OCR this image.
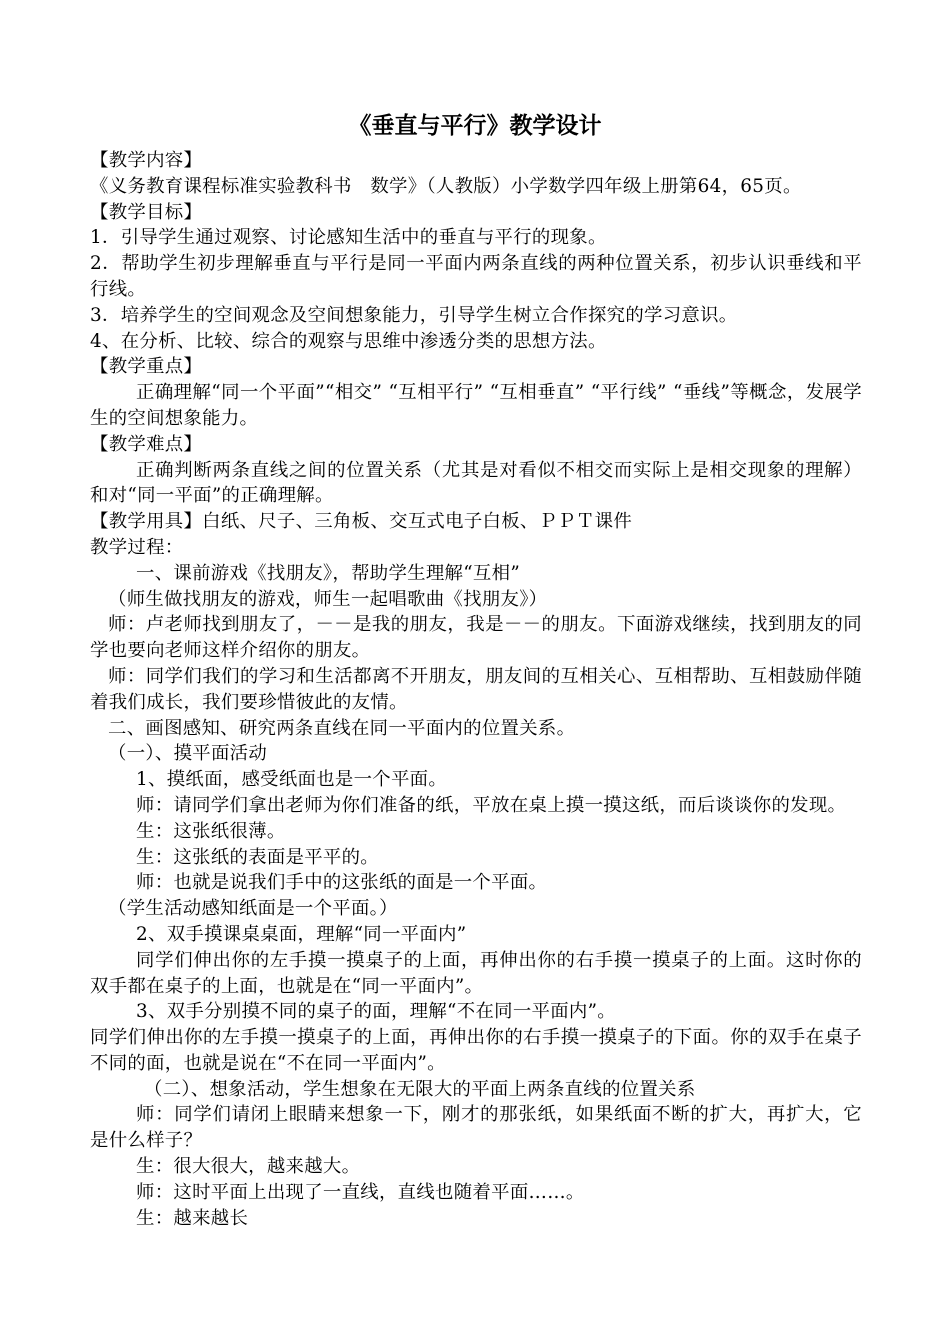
《垂直与平行》教学设计

【教学内容】

《义务教育课程标准实验教科书　数学》（人教版）小学数学四年级上册第64，65页。

【教学目标】

1．引导学生通过观察、讨论感知生活中的垂直与平行的现象。

2．帮助学生初步理解垂直与平行是同一平面内两条直线的两种位置关系，初步认识垂线和平行线。

3．培养学生的空间观念及空间想象能力，引导学生树立合作探究的学习意识。

4、在分析、比较、综合的观察与思维中渗透分类的思想方法。

【教学重点】

正确理解“同一个平面”“相交” “互相平行” “互相垂直” “平行线” “垂线”等概念，发展学生的空间想象能力。

【教学难点】

正确判断两条直线之间的位置关系（尤其是对看似不相交而实际上是相交现象的理解）和对“同一平面”的正确理解。

【教学用具】白纸、尺子、三角板、交互式电子白板、ＰＰＴ课件

教学过程：

一、课前游戏《找朋友》，帮助学生理解“互相”

（师生做找朋友的游戏，师生一起唱歌曲《找朋友》）

师：卢老师找到朋友了，－－是我的朋友，我是－－的朋友。下面游戏继续，找到朋友的同学也要向老师这样介绍你的朋友。

师：同学们我们的学习和生活都离不开朋友，朋友间的互相关心、互相帮助、互相鼓励伴随着我们成长，我们要珍惜彼此的友情。

二、画图感知、研究两条直线在同一平面内的位置关系。

（一）、摸平面活动

1、摸纸面，感受纸面也是一个平面。

师：请同学们拿出老师为你们准备的纸，平放在桌上摸一摸这纸，而后谈谈你的发现。

生：这张纸很薄。

生：这张纸的表面是平平的。

师：也就是说我们手中的这张纸的面是一个平面。

（学生活动感知纸面是一个平面。）

2、双手摸课桌桌面，理解“同一平面内”

同学们伸出你的左手摸一摸桌子的上面，再伸出你的右手摸一摸桌子的上面。这时你的双手都在桌子的上面，也就是在“同一平面内”。

3、双手分别摸不同的桌子的面，理解“不在同一平面内”。

同学们伸出你的左手摸一摸桌子的上面，再伸出你的右手摸一摸桌子的下面。你的双手在桌子不同的面，也就是说在“不在同一平面内”。

（二）、想象活动，学生想象在无限大的平面上两条直线的位置关系

师：同学们请闭上眼睛来想象一下，刚才的那张纸，如果纸面不断的扩大，再扩大，它是什么样子？

生：很大很大，越来越大。

师：这时平面上出现了一直线，直线也随着平面……。

生：越来越长
